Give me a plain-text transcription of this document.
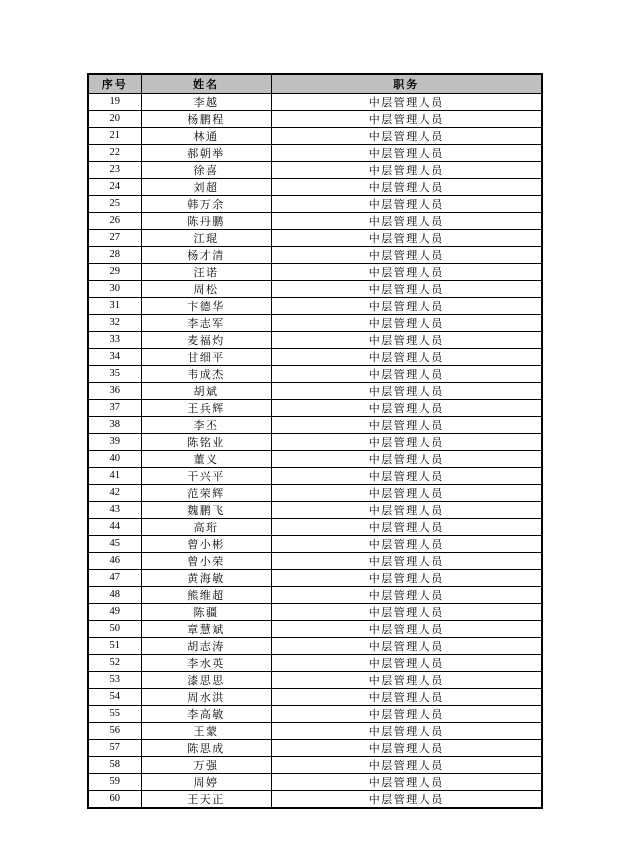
序号	姓名	职务
19	李越	中层管理人员
20	杨鹏程	中层管理人员
21	林通	中层管理人员
22	郝朝举	中层管理人员
23	徐喜	中层管理人员
24	刘超	中层管理人员
25	韩万余	中层管理人员
26	陈丹鹏	中层管理人员
27	江琨	中层管理人员
28	杨才清	中层管理人员
29	汪诺	中层管理人员
30	周松	中层管理人员
31	卞德华	中层管理人员
32	李志军	中层管理人员
33	麦福灼	中层管理人员
34	甘细平	中层管理人员
35	韦成杰	中层管理人员
36	胡斌	中层管理人员
37	王兵辉	中层管理人员
38	李丕	中层管理人员
39	陈铭业	中层管理人员
40	董义	中层管理人员
41	干兴平	中层管理人员
42	范荣辉	中层管理人员
43	魏鹏飞	中层管理人员
44	高珩	中层管理人员
45	曾小彬	中层管理人员
46	曾小荣	中层管理人员
47	黄海敏	中层管理人员
48	熊维超	中层管理人员
49	陈疆	中层管理人员
50	章慧斌	中层管理人员
51	胡志涛	中层管理人员
52	李水英	中层管理人员
53	漆思思	中层管理人员
54	周水洪	中层管理人员
55	李高敏	中层管理人员
56	王蒙	中层管理人员
57	陈思成	中层管理人员
58	万强	中层管理人员
59	周婷	中层管理人员
60	王天正	中层管理人员
